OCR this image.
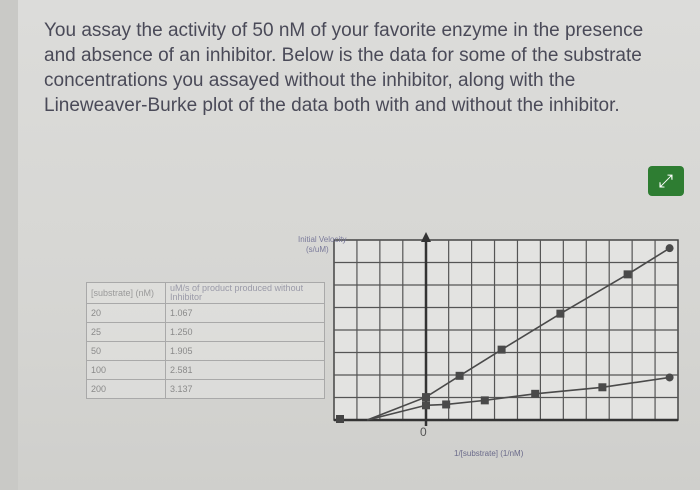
You assay the activity of 50 nM of your favorite enzyme in the presence and absence of an inhibitor. Below is the data for some of the substrate concentrations you assayed without the inhibitor, along with the Lineweaver-Burke plot of the data both with and without the inhibitor.

⤢
[substrate] (nM)	uM/s of product produced without Inhibitor
20	1.067
25	1.250
50	1.905
100	2.581
200	3.137
Initial Velocity
(s/uM)
0
1/[substrate] (1/nM)
